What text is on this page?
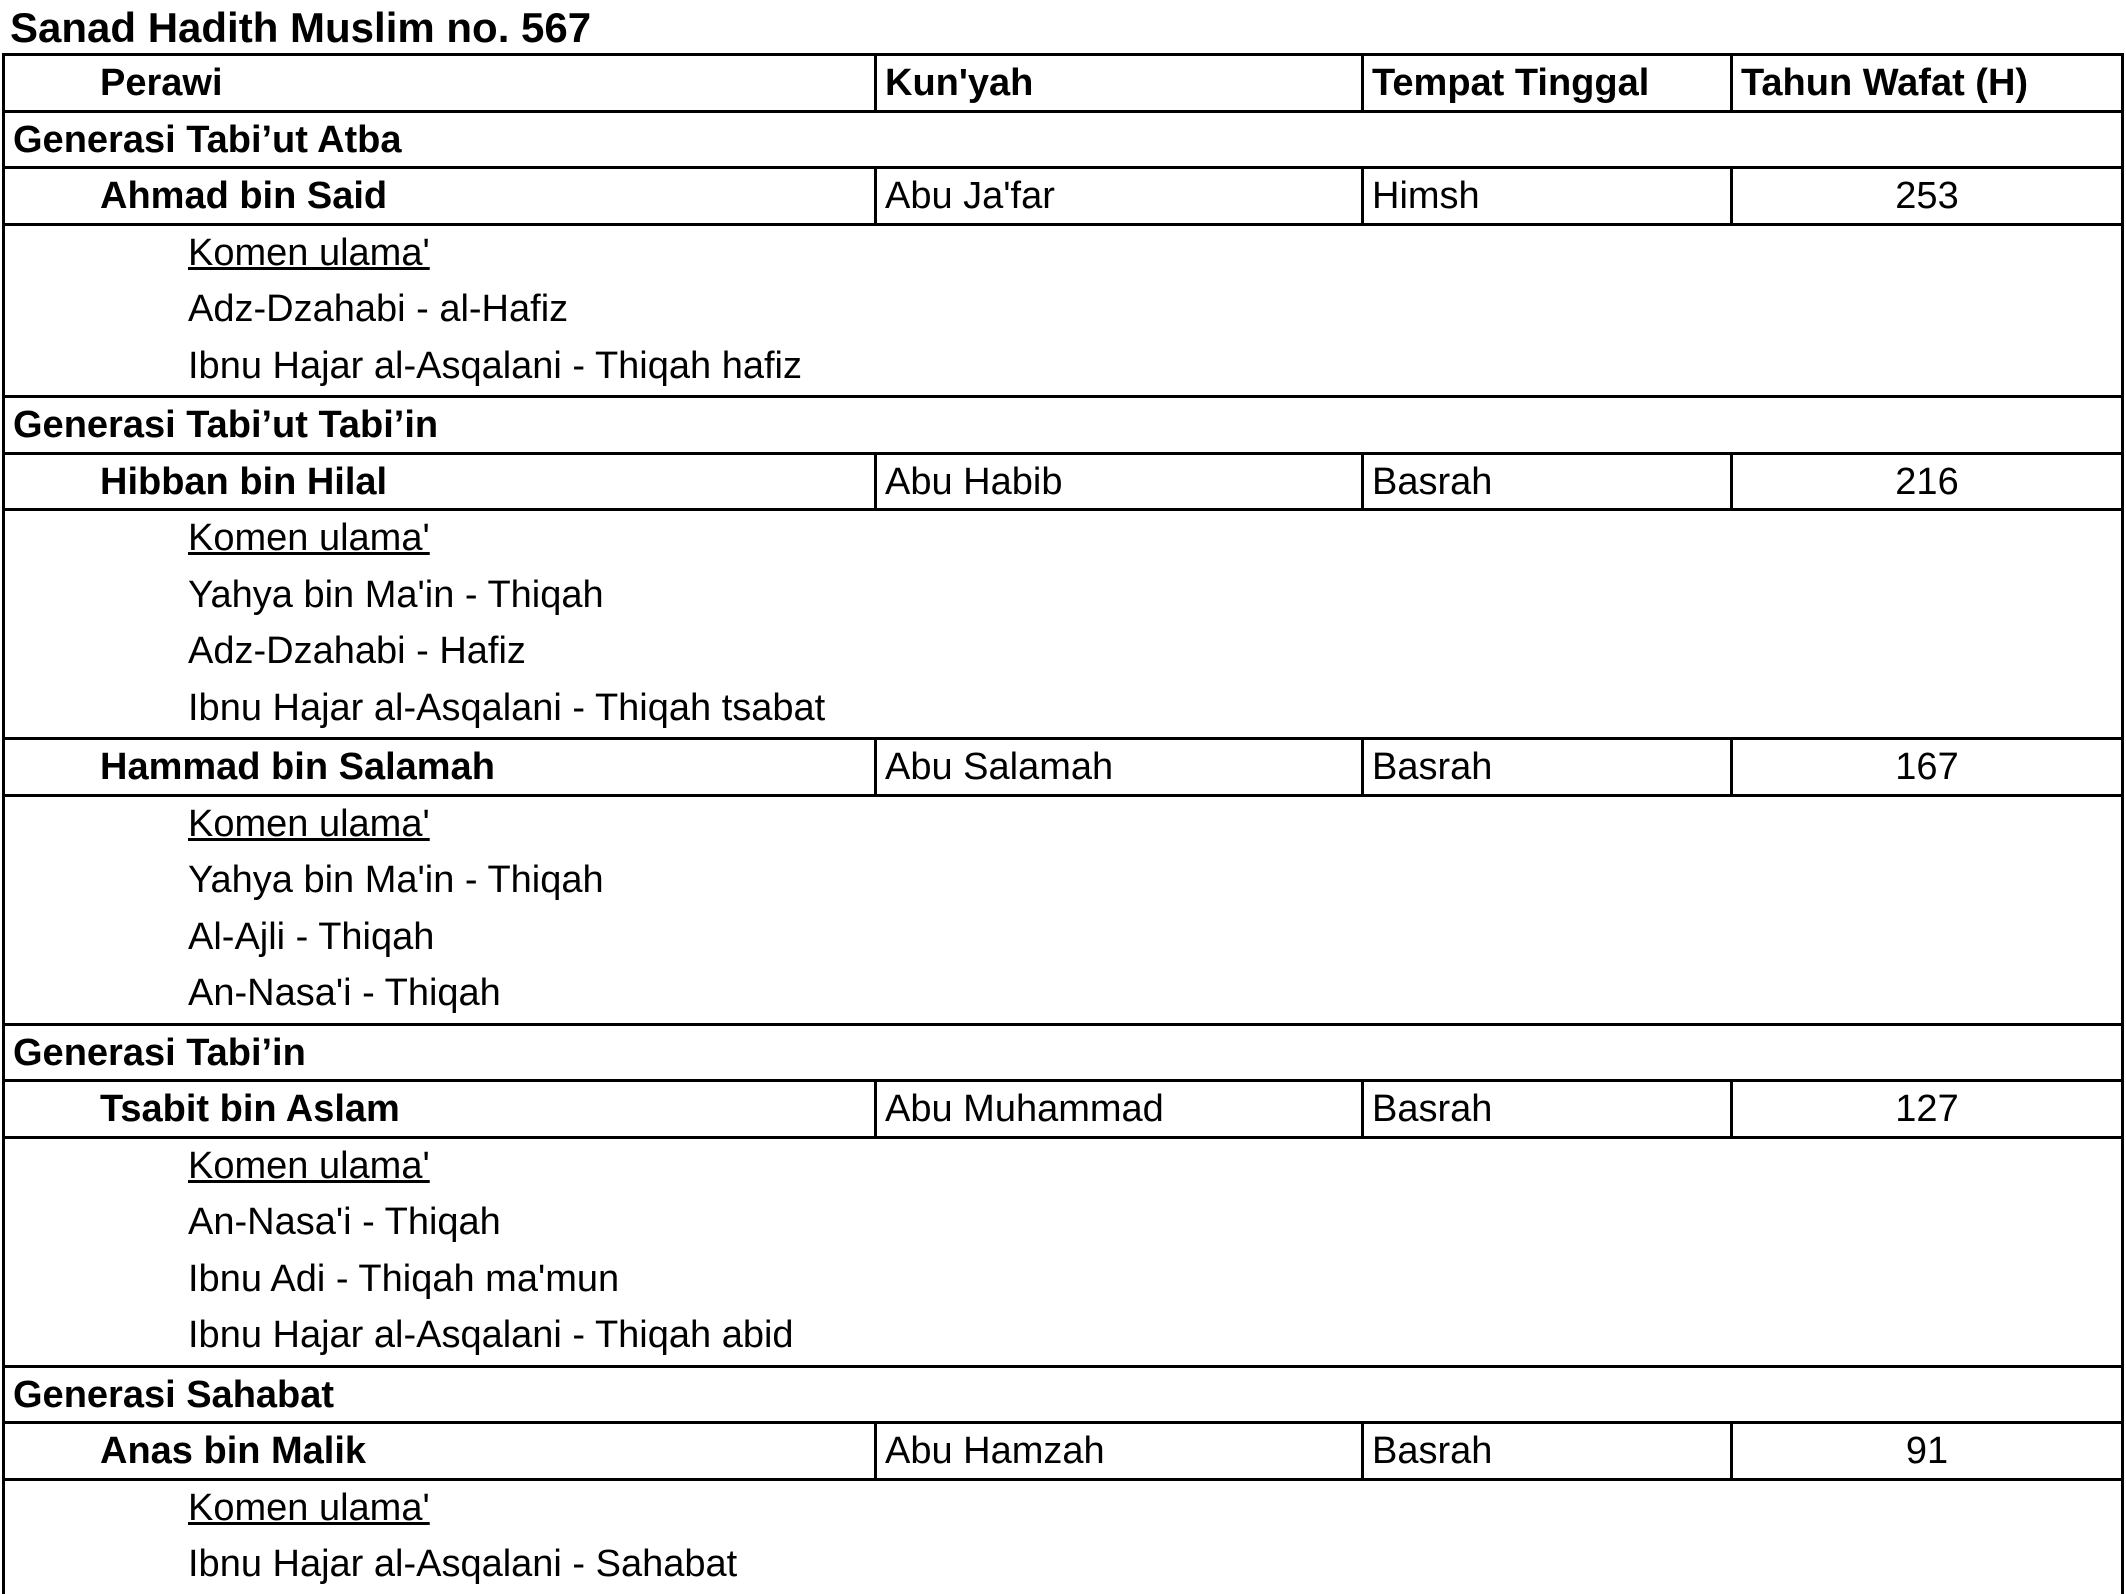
Sanad Hadith Muslim no. 567
Perawi	Kun'yah	Tempat Tinggal	Tahun Wafat (H)
Generasi Tabi’ut Atba
Ahmad bin Said	Abu Ja'far	Himsh	253
Komen ulama'
Adz-Dzahabi - al-Hafiz
Ibnu Hajar al-Asqalani - Thiqah hafiz
Generasi Tabi’ut Tabi’in
Hibban bin Hilal	Abu Habib	Basrah	216
Komen ulama'
Yahya bin Ma'in - Thiqah
Adz-Dzahabi - Hafiz
Ibnu Hajar al-Asqalani - Thiqah tsabat
Hammad bin Salamah	Abu Salamah	Basrah	167
Komen ulama'
Yahya bin Ma'in - Thiqah
Al-Ajli - Thiqah
An-Nasa'i - Thiqah
Generasi Tabi’in
Tsabit bin Aslam	Abu Muhammad	Basrah	127
Komen ulama'
An-Nasa'i - Thiqah
Ibnu Adi - Thiqah ma'mun
Ibnu Hajar al-Asqalani - Thiqah abid
Generasi Sahabat
Anas bin Malik	Abu Hamzah	Basrah	91
Komen ulama'
Ibnu Hajar al-Asqalani - Sahabat
